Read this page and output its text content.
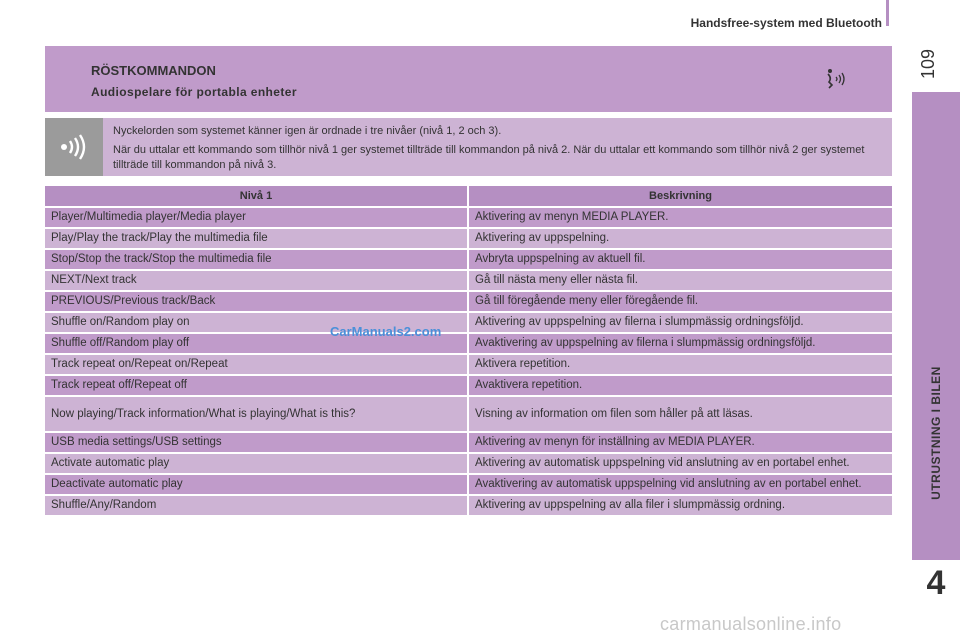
Handsfree-system med Bluetooth
109
UTRUSTNING I BILEN
4
RÖSTKOMMANDON
Audiospelare för portabla enheter

Nyckelorden som systemet känner igen är ordnade i tre nivåer (nivå 1, 2 och 3).

När du uttalar ett kommando som tillhör nivå 1 ger systemet tillträde till kommandon på nivå 2. När du uttalar ett kommando som tillhör nivå 2 ger systemet tillträde till kommandon på nivå 3.

Nivå 1	Beskrivning
Player/Multimedia player/Media player	Aktivering av menyn MEDIA PLAYER.
Play/Play the track/Play the multimedia file	Aktivering av uppspelning.
Stop/Stop the track/Stop the multimedia file	Avbryta uppspelning av aktuell fil.
NEXT/Next track	Gå till nästa meny eller nästa fil.
PREVIOUS/Previous track/Back	Gå till föregående meny eller föregående fil.
Shuffle on/Random play on	Aktivering av uppspelning av filerna i slumpmässig ordningsföljd.
Shuffle off/Random play off	Avaktivering av uppspelning av filerna i slumpmässig ordningsföljd.
Track repeat on/Repeat on/Repeat	Aktivera repetition.
Track repeat off/Repeat off	Avaktivera repetition.
Now playing/Track information/What is playing/What is this?	Visning av information om filen som håller på att läsas.
USB media settings/USB settings	Aktivering av menyn för inställning av MEDIA PLAYER.
Activate automatic play	Aktivering av automatisk uppspelning vid anslutning av en portabel enhet.
Deactivate automatic play	Avaktivering av automatisk uppspelning vid anslutning av en portabel enhet.
Shuffle/Any/Random	Aktivering av uppspelning av alla filer i slumpmässig ordning.
CarManuals2.com
carmanualsonline.info
